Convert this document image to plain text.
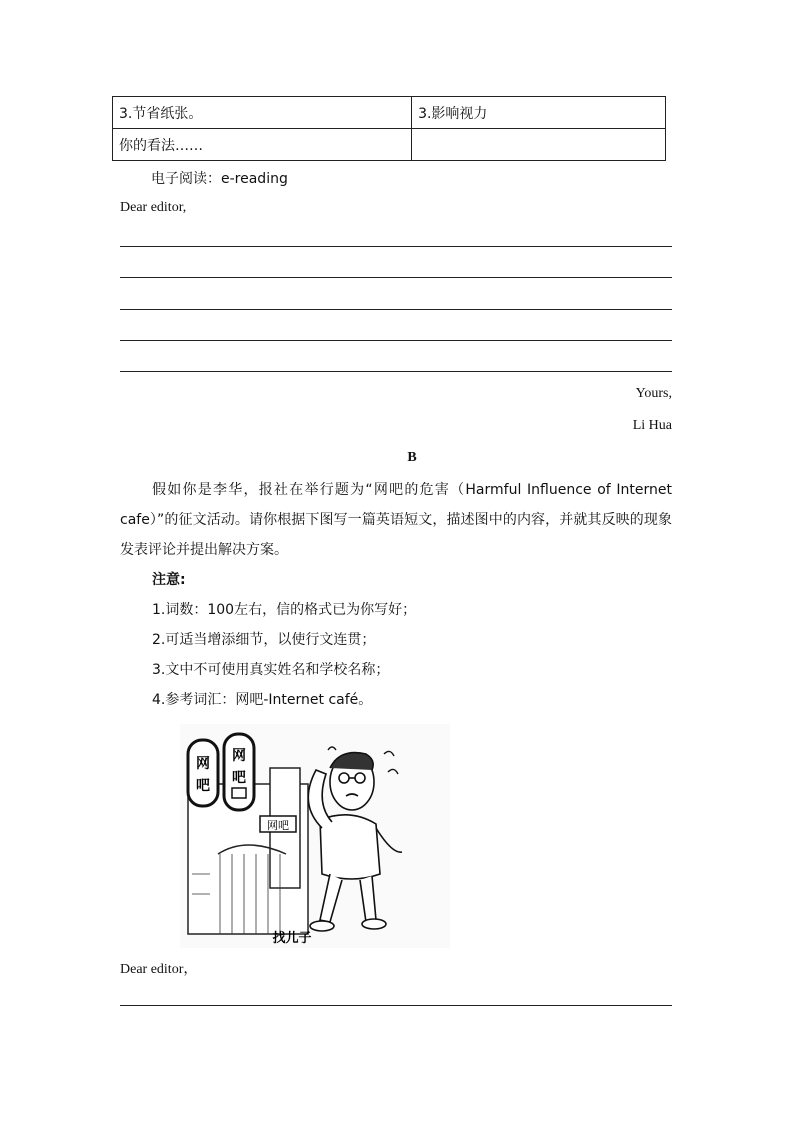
3.节省纸张。	3.影响视力
你的看法……	
电子阅读：e-reading
Dear editor,
Yours,
Li Hua
B
假如你是李华，报社在举行题为“网吧的危害（Harmful Influence of Internet cafe）”的征文活动。请你根据下图写一篇英语短文，描述图中的内容，并就其反映的现象发表评论并提出解决方案。
注意:
1.词数：100左右，信的格式已为你写好；
2.可适当增添细节，以使行文连贯；
3.文中不可使用真实姓名和学校名称；
4.参考词汇：网吧-Internet café。
网
吧
网
吧
网吧
找儿子
Dear editor，
